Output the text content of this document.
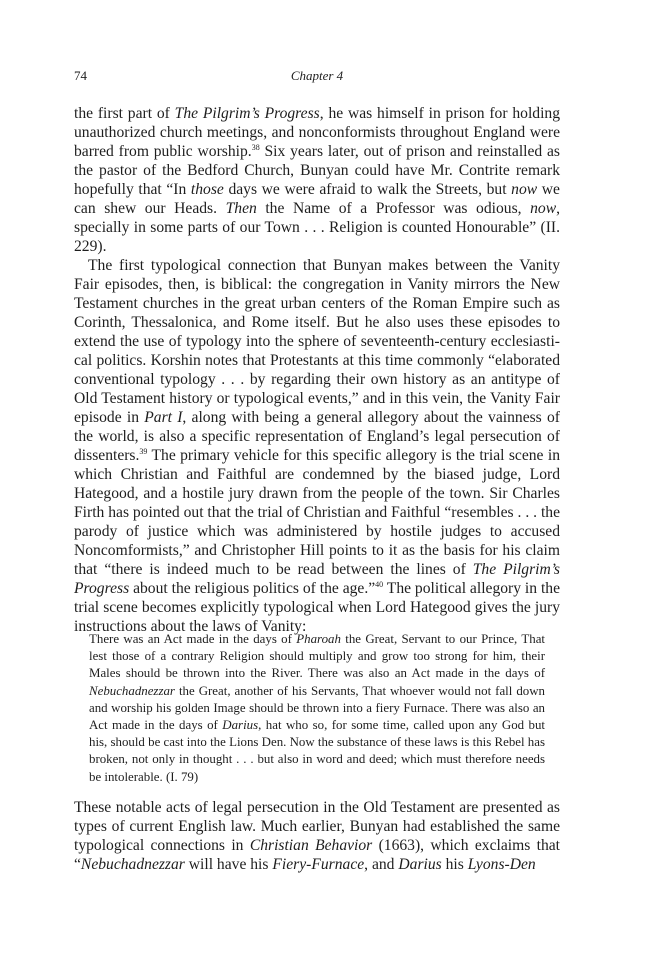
74	Chapter 4

the first part of The Pilgrim’s Progress, he was himself in prison for holding unauthorized church meetings, and nonconformists throughout England were barred from public worship.$^{38}$ Six years later, out of prison and reinstalled as the pastor of the Bedford Church, Bunyan could have Mr. Contrite remark hopefully that “In those days we were afraid to walk the Streets, but now we can shew our Heads. Then the Name of a Professor was odious, now, specially in some parts of our Town . . . Religion is counted Honourable” (II. 229).

The first typological connection that Bunyan makes between the Vanity Fair episodes, then, is biblical: the congregation in Vanity mirrors the New Testament churches in the great urban centers of the Roman Empire such as Corinth, Thessalonica, and Rome itself. But he also uses these episodes to extend the use of typology into the sphere of seventeenth-century ecclesiasti-cal politics. Korshin notes that Protestants at this time commonly “elaborated conventional typology . . . by regarding their own history as an antitype of Old Testament history or typological events,” and in this vein, the Vanity Fair episode in Part I, along with being a general allegory about the vainness of the world, is also a specific representation of England’s legal persecution of dissenters.$^{39}$ The primary vehicle for this specific allegory is the trial scene in which Christian and Faithful are condemned by the biased judge, Lord Hategood, and a hostile jury drawn from the people of the town. Sir Charles Firth has pointed out that the trial of Christian and Faithful “resembles . . . the parody of justice which was administered by hostile judges to accused Noncomformists,” and Christopher Hill points to it as the basis for his claim that “there is indeed much to be read between the lines of The Pilgrim’s Progress about the religious politics of the age.”$^{40}$ The political allegory in the trial scene becomes explicitly typological when Lord Hategood gives the jury instructions about the laws of Vanity:

There was an Act made in the days of Pharoah the Great, Servant to our Prince, That lest those of a contrary Religion should multiply and grow too strong for him, their Males should be thrown into the River. There was also an Act made in the days of Nebuchadnezzar the Great, another of his Servants, That whoever would not fall down and worship his golden Image should be thrown into a fiery Furnace. There was also an Act made in the days of Darius, hat who so, for some time, called upon any God but his, should be cast into the Lions Den. Now the substance of these laws is this Rebel has broken, not only in thought . . . but also in word and deed; which must therefore needs be intolerable. (I. 79)

These notable acts of legal persecution in the Old Testament are presented as types of current English law. Much earlier, Bunyan had established the same typological connections in Christian Behavior (1663), which exclaims that “Nebuchadnezzar will have his Fiery-Furnace, and Darius his Lyons-Den
